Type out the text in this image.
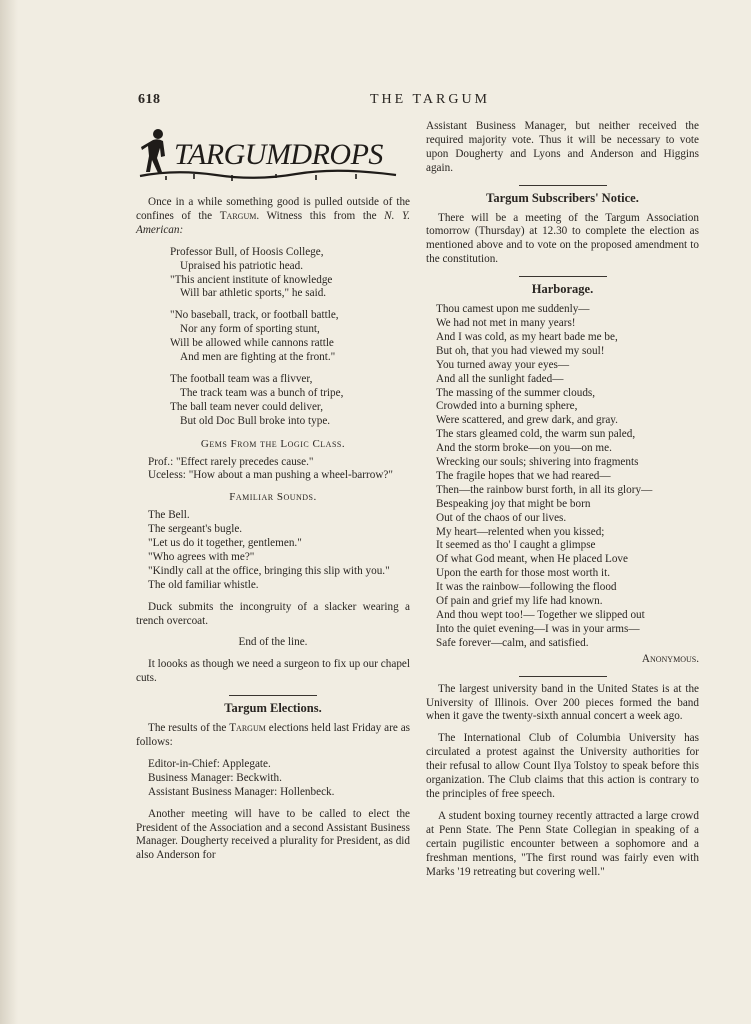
618	THE TARGUM
TARGUMDROPS

Once in a while something good is pulled outside of the confines of the Targum. Witness this from the N. Y. American:

Professor Bull, of Hoosis College,
Upraised his patriotic head.
"This ancient institute of knowledge
Will bar athletic sports," he said.
"No baseball, track, or football battle,
Nor any form of sporting stunt,
Will be allowed while cannons rattle
And men are fighting at the front."
The football team was a flivver,
The track team was a bunch of tripe,
The ball team never could deliver,
But old Doc Bull broke into type.
Gems From the Logic Class.
Prof.: "Effect rarely precedes cause."
Uceless: "How about a man pushing a wheel-barrow?"
Familiar Sounds.
The Bell.
The sergeant's bugle.
"Let us do it together, gentlemen."
"Who agrees with me?"
"Kindly call at the office, bringing this slip with you."
The old familiar whistle.

Duck submits the incongruity of a slacker wearing a trench overcoat.

End of the line.

It loooks as though we need a surgeon to fix up our chapel cuts.

Targum Elections.

The results of the Targum elections held last Friday are as follows:

Editor-in-Chief: Applegate.
Business Manager: Beckwith.
Assistant Business Manager: Hollenbeck.

Another meeting will have to be called to elect the President of the Association and a second Assistant Business Manager. Dougherty received a plurality for President, as did also Anderson for

Assistant Business Manager, but neither received the required majority vote. Thus it will be necessary to vote upon Dougherty and Lyons and Anderson and Higgins again.

Targum Subscribers' Notice.

There will be a meeting of the Targum Association tomorrow (Thursday) at 12.30 to complete the election as mentioned above and to vote on the proposed amendment to the constitution.

Harborage.
Thou camest upon me suddenly—
We had not met in many years!
And I was cold, as my heart bade me be,
But oh, that you had viewed my soul!
You turned away your eyes—
And all the sunlight faded—
The massing of the summer clouds,
Crowded into a burning sphere,
Were scattered, and grew dark, and gray.
The stars gleamed cold, the warm sun paled,
And the storm broke—on you—on me.
Wrecking our souls; shivering into fragments
The fragile hopes that we had reared—
Then—the rainbow burst forth, in all its glory—
Bespeaking joy that might be born
Out of the chaos of our lives.
My heart—relented when you kissed;
It seemed as tho' I caught a glimpse
Of what God meant, when He placed Love
Upon the earth for those most worth it.
It was the rainbow—following the flood
Of pain and grief my life had known.
And thou wept too!— Together we slipped out
Into the quiet evening—I was in your arms—
Safe forever—calm, and satisfied.
Anonymous.

The largest university band in the United States is at the University of Illinois. Over 200 pieces formed the band when it gave the twenty-sixth annual concert a week ago.

The International Club of Columbia University has circulated a protest against the University authorities for their refusal to allow Count Ilya Tolstoy to speak before this organization. The Club claims that this action is contrary to the principles of free speech.

A student boxing tourney recently attracted a large crowd at Penn State. The Penn State Collegian in speaking of a certain pugilistic encounter between a sophomore and a freshman mentions, "The first round was fairly even with Marks '19 retreating but covering well."
